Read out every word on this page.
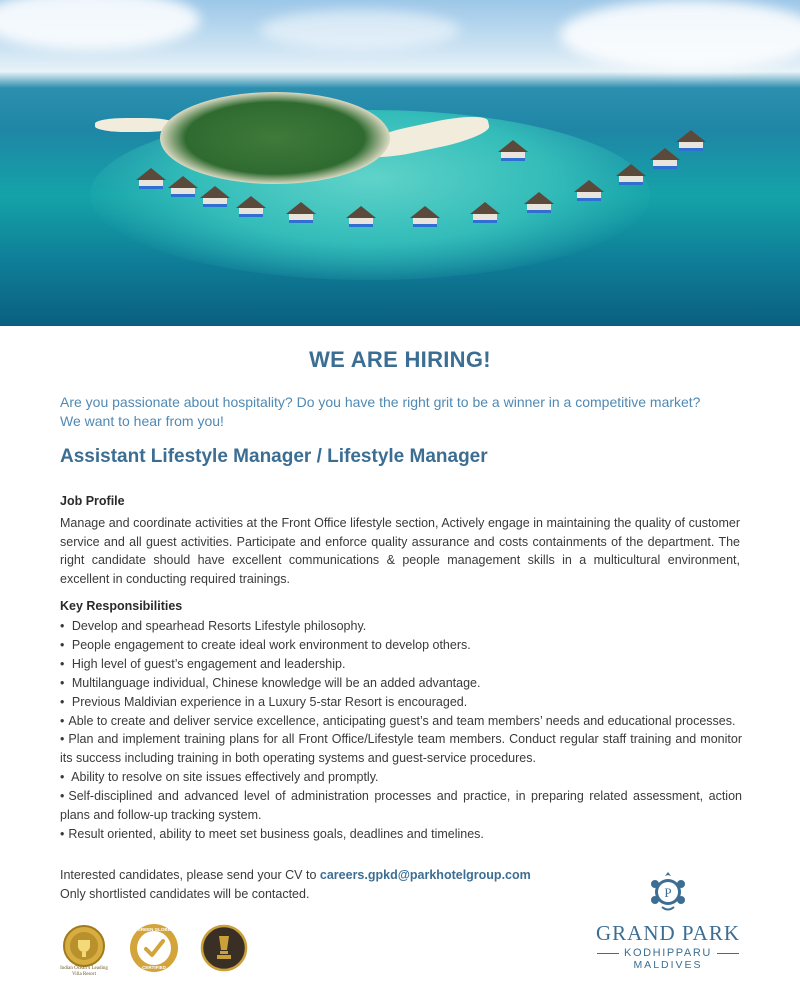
WE ARE HIRING!
Are you passionate about hospitality? Do you have the right grit to be a winner in a competitive market?
We want to hear from you!
Assistant Lifestyle Manager / Lifestyle Manager
Job Profile
Manage and coordinate activities at the Front Office lifestyle section, Actively engage in maintaining the quality of customer service and all guest activities. Participate and enforce quality assurance and costs containments of the department. The right candidate should have excellent communications & people management skills in a multicultural environment, excellent in conducting required trainings.
Key Responsibilities
• Develop and spearhead Resorts Lifestyle philosophy.
• People engagement to create ideal work environment to develop others.
• High level of guest’s engagement and leadership.
• Multilanguage individual, Chinese knowledge will be an added advantage.
• Previous Maldivian experience in a Luxury 5-star Resort is encouraged.
• Able to create and deliver service excellence, anticipating guest’s and team members’ needs and educational processes.
• Plan and implement training plans for all Front Office/Lifestyle team members. Conduct regular staff training and monitor its success including training in both operating systems and guest-service procedures.
• Ability to resolve on site issues effectively and promptly.
• Self-disciplined and advanced level of administration processes and practice, in preparing related assessment, action plans and follow-up tracking system.
• Result oriented, ability to meet set business goals, deadlines and timelines.
Interested candidates, please send your CV to careers.gpkd@parkhotelgroup.com
Only shortlisted candidates will be contacted.
Indian Ocean’s Leading Villa Resort
GREEN GLOBE
CERTIFIED
P
GRAND PARK
KODHIPPARU
MALDIVES
